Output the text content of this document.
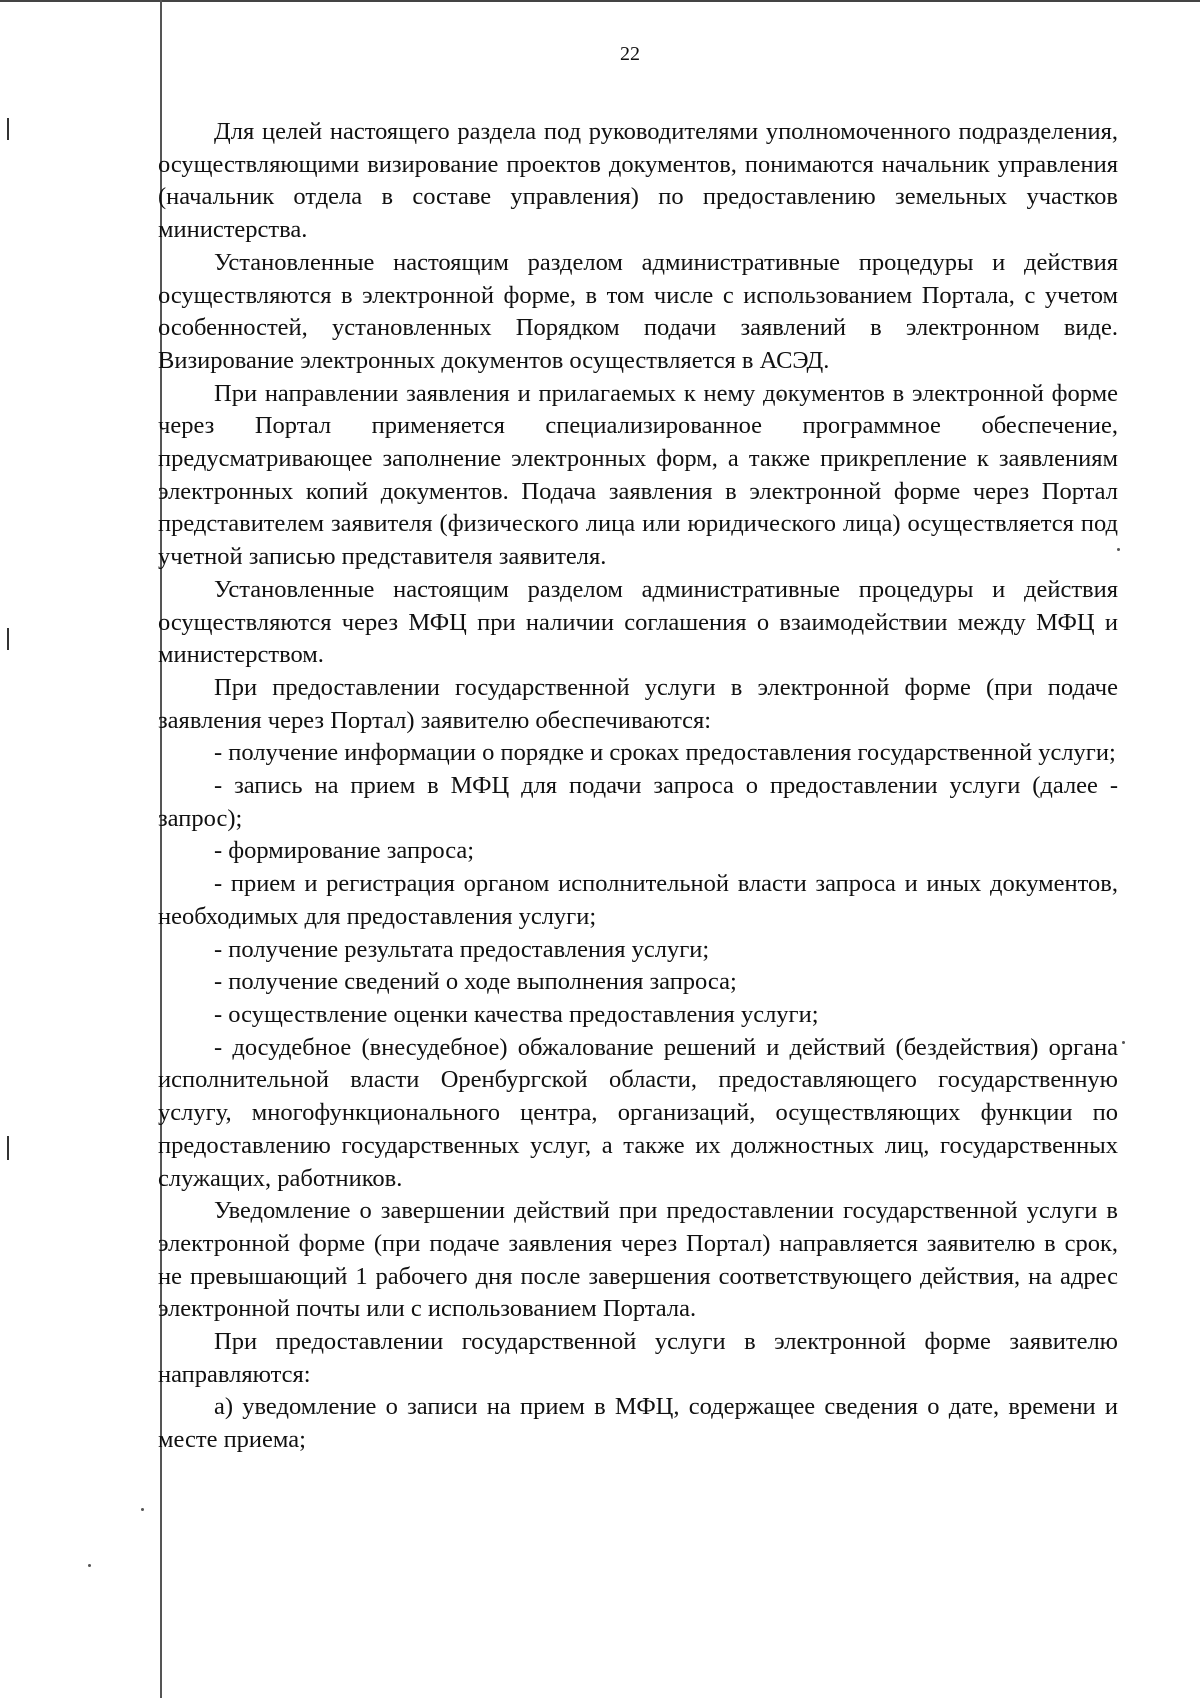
22

Для целей настоящего раздела под руководителями уполномоченного подразделения, осуществляющими визирование проектов документов, понимаются начальник управления (начальник отдела в составе управления) по предоставлению земельных участков министерства.

Установленные настоящим разделом административные процедуры и действия осуществляются в электронной форме, в том числе с использованием Портала, с учетом особенностей, установленных Порядком подачи заявлений в электронном виде. Визирование электронных документов осуществляется в АСЭД.

При направлении заявления и прилагаемых к нему документов в электронной форме через Портал применяется специализированное программное обеспечение, предусматривающее заполнение электронных форм, а также прикрепление к заявлениям электронных копий документов. Подача заявления в электронной форме через Портал представителем заявителя (физического лица или юридического лица) осуществляется под учетной записью представителя заявителя.

Установленные настоящим разделом административные процедуры и действия осуществляются через МФЦ при наличии соглашения о взаимодействии между МФЦ и министерством.

При предоставлении государственной услуги в электронной форме (при подаче заявления через Портал) заявителю обеспечиваются:

- получение информации о порядке и сроках предоставления государственной услуги;

- запись на прием в МФЦ для подачи запроса о предоставлении услуги (далее - запрос);

- формирование запроса;

- прием и регистрация органом исполнительной власти запроса и иных документов, необходимых для предоставления услуги;

- получение результата предоставления услуги;

- получение сведений о ходе выполнения запроса;

- осуществление оценки качества предоставления услуги;

- досудебное (внесудебное) обжалование решений и действий (бездействия) органа исполнительной власти Оренбургской области, предоставляющего государственную услугу, многофункционального центра, организаций, осуществляющих функции по предоставлению государственных услуг, а также их должностных лиц, государственных служащих, работников.

Уведомление о завершении действий при предоставлении государственной услуги в электронной форме (при подаче заявления через Портал) направляется заявителю в срок, не превышающий 1 рабочего дня после завершения соответствующего действия, на адрес электронной почты или с использованием Портала.

При предоставлении государственной услуги в электронной форме заявителю направляются:

а) уведомление о записи на прием в МФЦ, содержащее сведения о дате, времени и месте приема;
